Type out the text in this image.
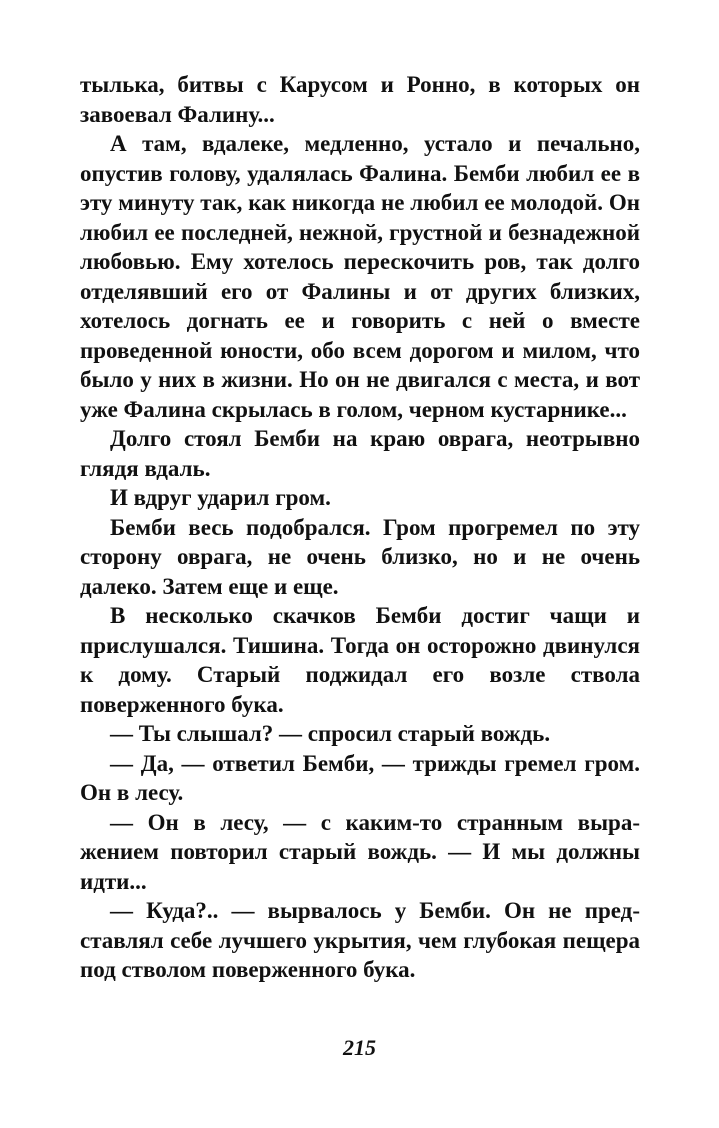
тылька, битвы с Карусом и Ронно, в которых он завоевал Фалину...

А там, вдалеке, медленно, устало и печально, опустив голову, удалялась Фалина. Бемби любил ее в эту минуту так, как никогда не любил ее молодой. Он любил ее последней, нежной, грустной и безнадежной любовью. Ему хотелось перескочить ров, так долго отделявший его от Фалины и от других близких, хотелось догнать ее и говорить с ней о вместе проведенной юности, обо всем дорогом и милом, что было у них в жизни. Но он не двигался с места, и вот уже Фалина скрылась в голом, черном кустарнике...

Долго стоял Бемби на краю оврага, неотрывно глядя вдаль.

И вдруг ударил гром.

Бемби весь подобрался. Гром прогремел по эту сторону оврага, не очень близко, но и не очень далеко. Затем еще и еще.

В несколько скачков Бемби достиг чащи и прислушался. Тишина. Тогда он осторожно двинулся к дому. Старый поджидал его возле ствола поверженного бука.

— Ты слышал? — спросил старый вождь.

— Да, — ответил Бемби, — трижды гремел гром. Он в лесу.

— Он в лесу, — с каким-то странным выражением повторил старый вождь. — И мы должны идти...

— Куда?.. — вырвалось у Бемби. Он не представлял себе лучшего укрытия, чем глубокая пещера под стволом поверженного бука.

215
